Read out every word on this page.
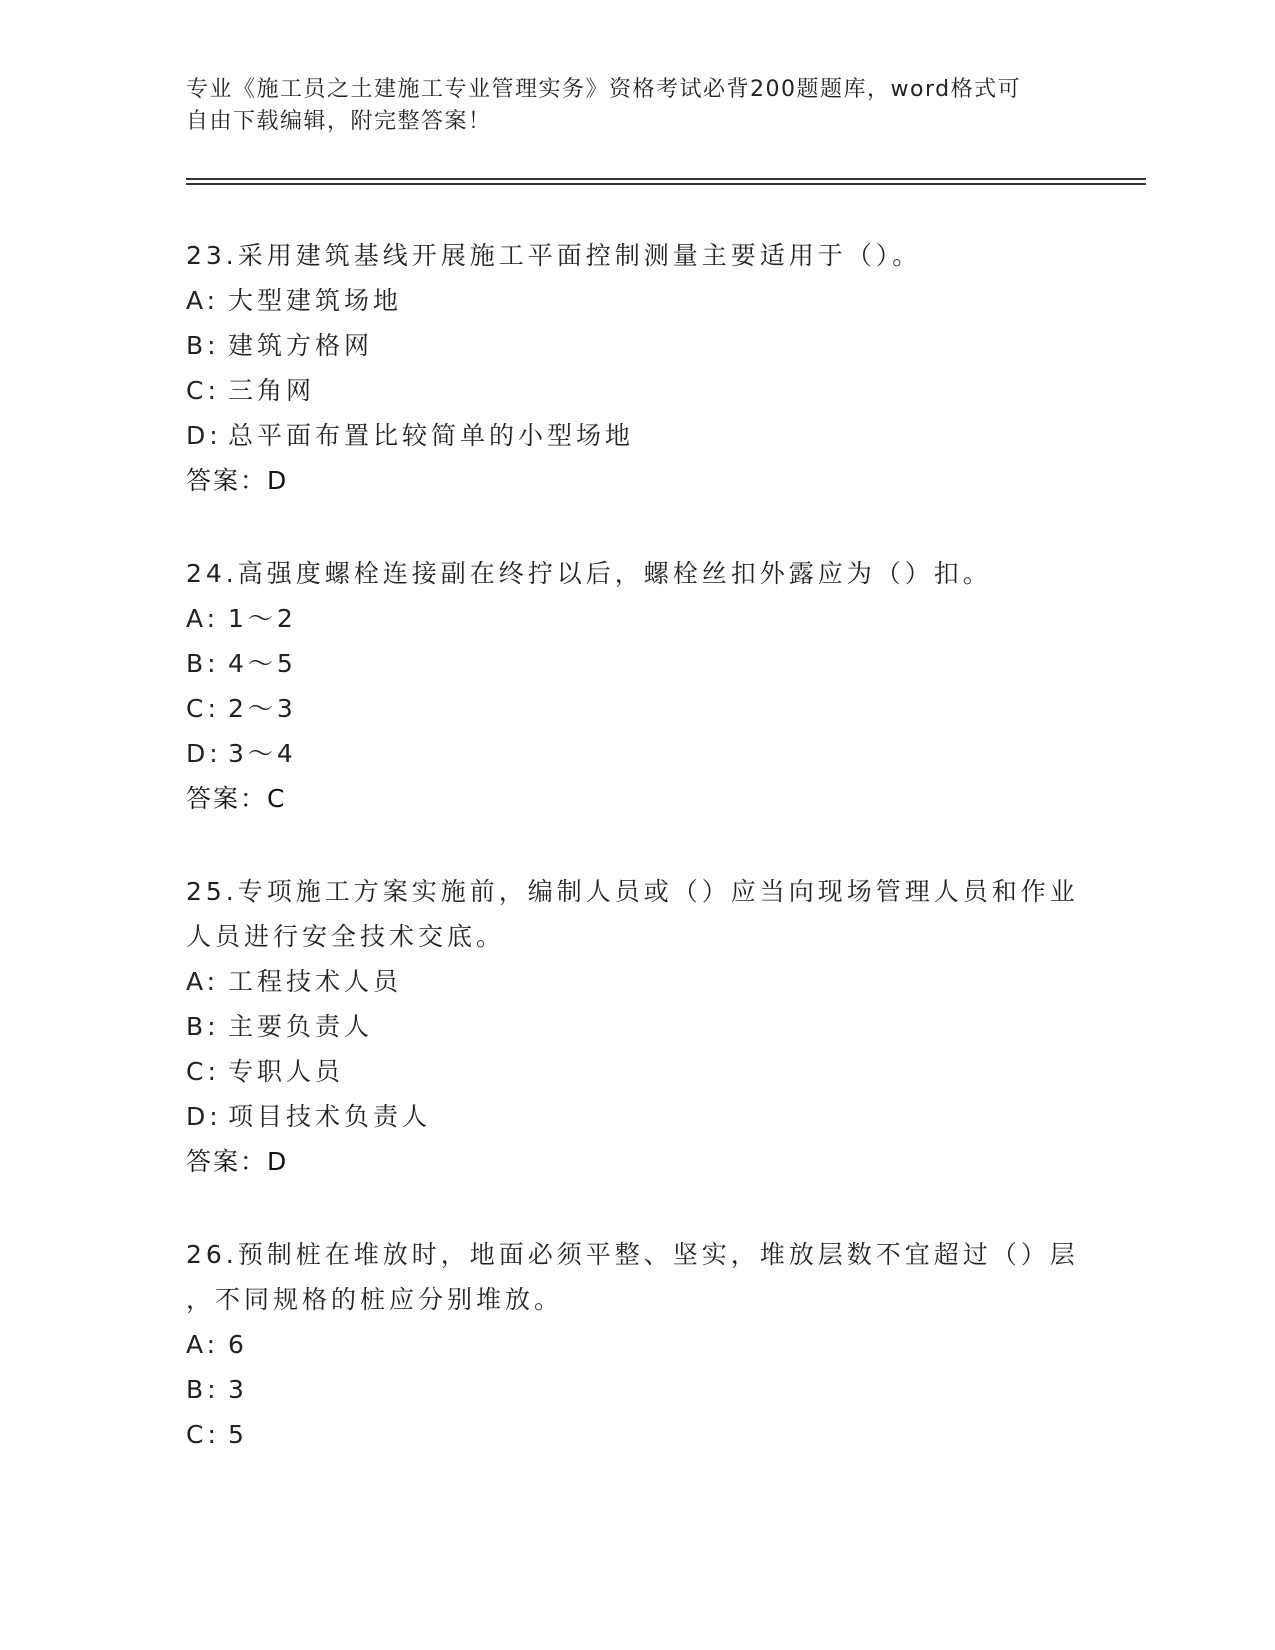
专业《施工员之土建施工专业管理实务》资格考试必背200题题库，word格式可
自由下载编辑，附完整答案！
23.采用建筑基线开展施工平面控制测量主要适用于（）。
A: 大型建筑场地
B: 建筑方格网
C: 三角网
D: 总平面布置比较简单的小型场地
答案：D
24.高强度螺栓连接副在终拧以后，螺栓丝扣外露应为（）扣。
A: 1～2
B: 4～5
C: 2～3
D: 3～4
答案：C
25.专项施工方案实施前，编制人员或（）应当向现场管理人员和作业
人员进行安全技术交底。
A: 工程技术人员
B: 主要负责人
C: 专职人员
D: 项目技术负责人
答案：D
26.预制桩在堆放时，地面必须平整、坚实，堆放层数不宜超过（）层
，不同规格的桩应分别堆放。
A: 6
B: 3
C: 5
